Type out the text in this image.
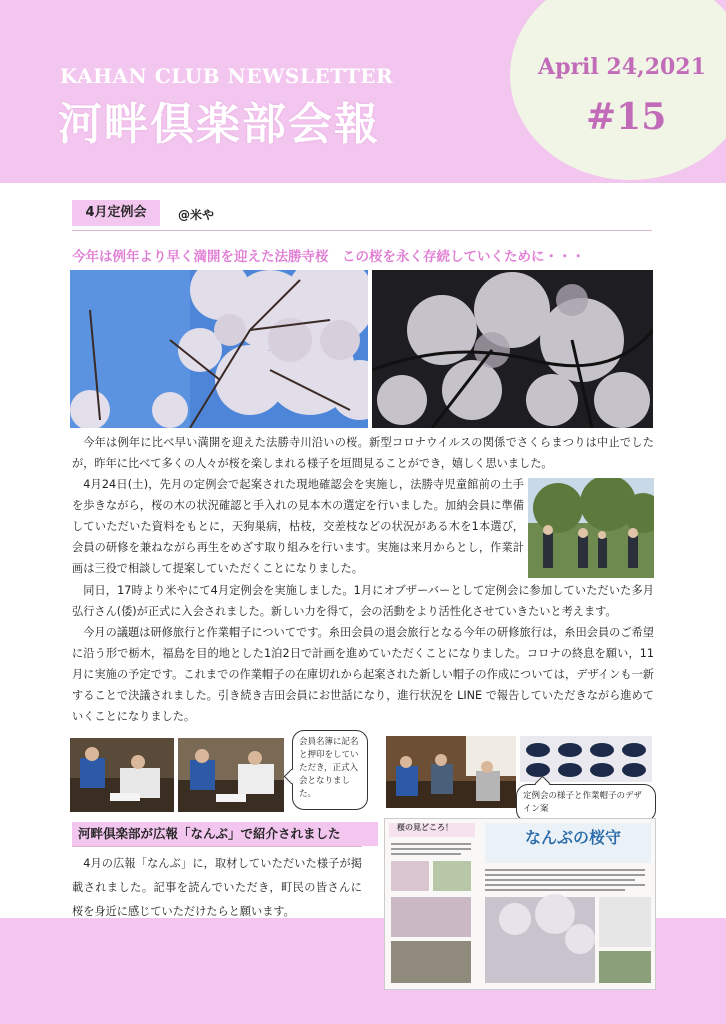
KAHAN CLUB NEWSLETTER
河畔倶楽部会報
April 24,2021
#15
4月定例会	@米や
今年は例年より早く満開を迎えた法勝寺桜　この桜を永く存続していくために・・・

今年は例年に比べ早い満開を迎えた法勝寺川沿いの桜。新型コロナウイルスの関係でさくらまつりは中止でしたが，昨年に比べて多くの人々が桜を楽しまれる様子を垣間見ることができ，嬉しく思いました。

4月24日(土)，先月の定例会で起案された現地確認会を実施し，法勝寺児童館前の土手を歩きながら，桜の木の状況確認と手入れの見本木の選定を行いました。加納会員に準備していただいた資料をもとに，天狗巣病，枯枝，交差枝などの状況がある木を1本選び，会員の研修を兼ねながら再生をめざす取り組みを行います。実施は来月からとし，作業計画は三役で相談して提案していただくことになりました。

同日，17時より米やにて4月定例会を実施しました。1月にオブザーバーとして定例会に参加していただいた多月弘行さん(倭)が正式に入会されました。新しい力を得て，会の活動をより活性化させていきたいと考えます。

今月の議題は研修旅行と作業帽子についてです。糸田会員の退会旅行となる今年の研修旅行は，糸田会員のご希望に沿う形で栃木，福島を目的地とした1泊2日で計画を進めていただくことになりました。コロナの終息を願い，11月に実施の予定です。これまでの作業帽子の在庫切れから起案された新しい帽子の作成については，デザインも一新することで決議されました。引き続き吉田会員にお世話になり，進行状況を LINE で報告していただきながら進めていくことになりました。

会員名簿に記名と押印をしていただき，正式入会となりました。	定例会の様子と作業帽子のデザイン案
河畔倶楽部が広報「なんぶ」で紹介されました

4月の広報「なんぶ」に，取材していただいた様子が掲載されました。記事を読んでいただき，町民の皆さんに桜を身近に感じていただけたらと願います。

桜の見どころ！
なんぶの桜守
